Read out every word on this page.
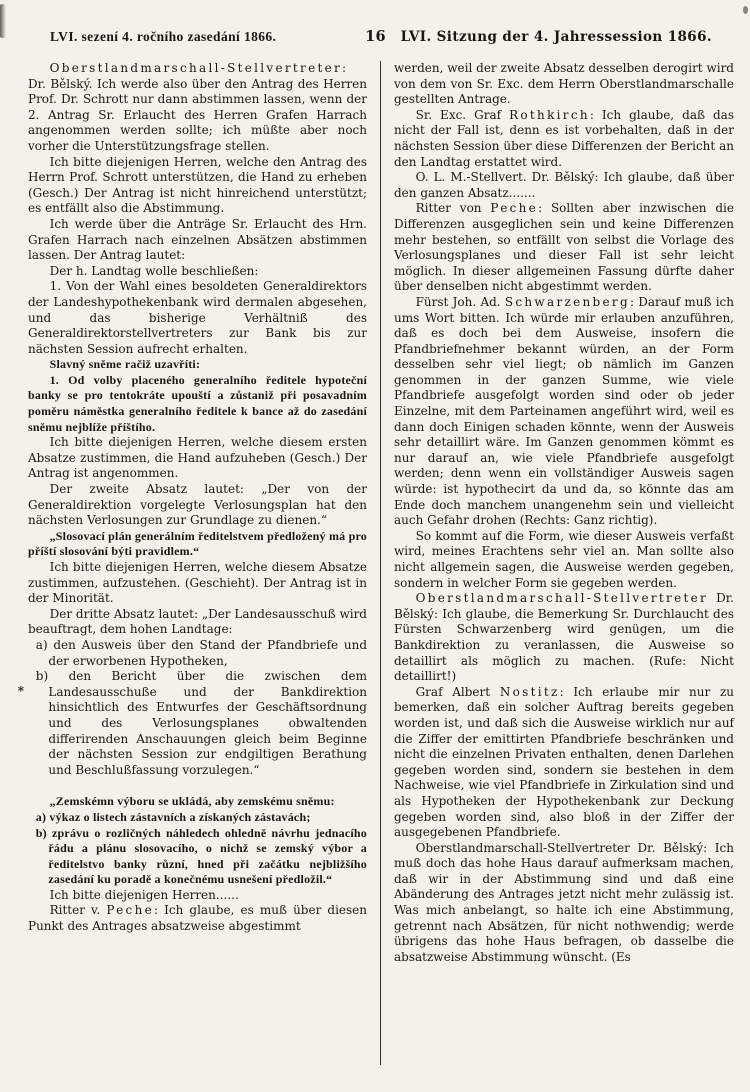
LVI. sezení 4. ročního zasedání 1866.	16	LVI. Sitzung der 4. Jahressession 1866.

Oberstlandmarschall-Stellvertreter: Dr. Bělský. Ich werde also über den Antrag des Herren Prof. Dr. Schrott nur dann abstimmen lassen, wenn der 2. Antrag Sr. Erlaucht des Herren Grafen Harrach angenommen werden sollte; ich müßte aber noch vorher die Unterstützungsfrage stellen.

Ich bitte diejenigen Herren, welche den Antrag des Herrn Prof. Schrott unterstützen, die Hand zu erheben (Gesch.) Der Antrag ist nicht hinreichend unterstützt; es entfällt also die Abstimmung.

Ich werde über die Anträge Sr. Erlaucht des Hrn. Grafen Harrach nach einzelnen Absätzen abstimmen lassen. Der Antrag lautet:

Der h. Landtag wolle beschließen:

1. Von der Wahl eines besoldeten Generaldirektors der Landeshypothekenbank wird dermalen abgesehen, und das bisherige Verhältniß des Generaldirektorstellvertreters zur Bank bis zur nächsten Session aufrecht erhalten.

Slavný sněme račiž uzavříti:

1. Od volby placeného generalního ředitele hypoteční banky se pro tentokráte upouští a zůstaniž při posavadním poměru náměstka generalního ředitele k bance až do zasedání sněmu nejblíže příštího.

Ich bitte diejenigen Herren, welche diesem ersten Absatze zustimmen, die Hand aufzuheben (Gesch.) Der Antrag ist angenommen.

Der zweite Absatz lautet: „Der von der Generaldirektion vorgelegte Verlosungsplan hat den nächsten Verlosungen zur Grundlage zu dienen.“

„Slosovací plán generálním ředitelstvem předložený má pro příští slosování býti pravidlem.“

Ich bitte diejenigen Herren, welche diesem Absatze zustimmen, aufzustehen. (Geschieht). Der Antrag ist in der Minorität.

Der dritte Absatz lautet: „Der Landesausschuß wird beauftragt, dem hohen Landtage:

a) den Ausweis über den Stand der Pfandbriefe und der erworbenen Hypotheken,

b) den Bericht über die zwischen dem Landesausschuße und der Bankdirektion hinsichtlich des Entwurfes der Geschäftsordnung und des Verlosungsplanes obwaltenden differirenden Anschauungen gleich beim Beginne der nächsten Session zur endgiltigen Berathung und Beschlußfassung vorzulegen.“
*

„Zemskémn výboru se ukládá, aby zemskému sněmu:

a) výkaz o listech zástavních a získaných zástavách;

b) zprávu o rozličných náhledech ohledně návrhu jednacího řádu a plánu slosovacího, o nichž se zemský výbor a ředitelstvo banky různí, hned při začátku nejbližšího zasedání ku poradě a konečnému usnešení předložil.“

Ich bitte diejenigen Herren......

Ritter v. Peche: Ich glaube, es muß über diesen Punkt des Antrages absatzweise abgestimmt

werden, weil der zweite Absatz desselben derogirt wird von dem von Sr. Exc. dem Herrn Oberstlandmarschalle gestellten Antrage.

Sr. Exc. Graf Rothkirch: Ich glaube, daß das nicht der Fall ist, denn es ist vorbehalten, daß in der nächsten Session über diese Differenzen der Bericht an den Landtag erstattet wird.

O. L. M.-Stellvert. Dr. Bělský: Ich glaube, daß über den ganzen Absatz.......

Ritter von Peche: Sollten aber inzwischen die Differenzen ausgeglichen sein und keine Differenzen mehr bestehen, so entfällt von selbst die Vorlage des Verlosungsplanes und dieser Fall ist sehr leicht möglich. In dieser allgemeinen Fassung dürfte daher über denselben nicht abgestimmt werden.

Fürst Joh. Ad. Schwarzenberg: Darauf muß ich ums Wort bitten. Ich würde mir erlauben anzuführen, daß es doch bei dem Ausweise, insofern die Pfandbriefnehmer bekannt würden, an der Form desselben sehr viel liegt; ob nämlich im Ganzen genommen in der ganzen Summe, wie viele Pfandbriefe ausgefolgt worden sind oder ob jeder Einzelne, mit dem Parteinamen angeführt wird, weil es dann doch Einigen schaden könnte, wenn der Ausweis sehr detaillirt wäre. Im Ganzen genommen kömmt es nur darauf an, wie viele Pfandbriefe ausgefolgt werden; denn wenn ein vollständiger Ausweis sagen würde: ist hypothecirt da und da, so könnte das am Ende doch manchem unangenehm sein und vielleicht auch Gefahr drohen (Rechts: Ganz richtig).

So kommt auf die Form, wie dieser Ausweis verfaßt wird, meines Erachtens sehr viel an. Man sollte also nicht allgemein sagen, die Ausweise werden gegeben, sondern in welcher Form sie gegeben werden.

Oberstlandmarschall-Stellvertreter Dr. Bělský: Ich glaube, die Bemerkung Sr. Durchlaucht des Fürsten Schwarzenberg wird genügen, um die Bankdirektion zu veranlassen, die Ausweise so detaillirt als möglich zu machen. (Rufe: Nicht detaillirt!)

Graf Albert Nostitz: Ich erlaube mir nur zu bemerken, daß ein solcher Auftrag bereits gegeben worden ist, und daß sich die Ausweise wirklich nur auf die Ziffer der emittirten Pfandbriefe beschränken und nicht die einzelnen Privaten enthalten, denen Darlehen gegeben worden sind, sondern sie bestehen in dem Nachweise, wie viel Pfandbriefe in Zirkulation sind und als Hypotheken der Hypothekenbank zur Deckung gegeben worden sind, also bloß in der Ziffer der ausgegebenen Pfandbriefe.

Oberstlandmarschall-Stellvertreter Dr. Bělský: Ich muß doch das hohe Haus darauf aufmerksam machen, daß wir in der Abstimmung sind und daß eine Abänderung des Antrages jetzt nicht mehr zulässig ist. Was mich anbelangt, so halte ich eine Abstimmung, getrennt nach Absätzen, für nicht nothwendig; werde übrigens das hohe Haus befragen, ob dasselbe die absatzweise Abstimmung wünscht. (Es
